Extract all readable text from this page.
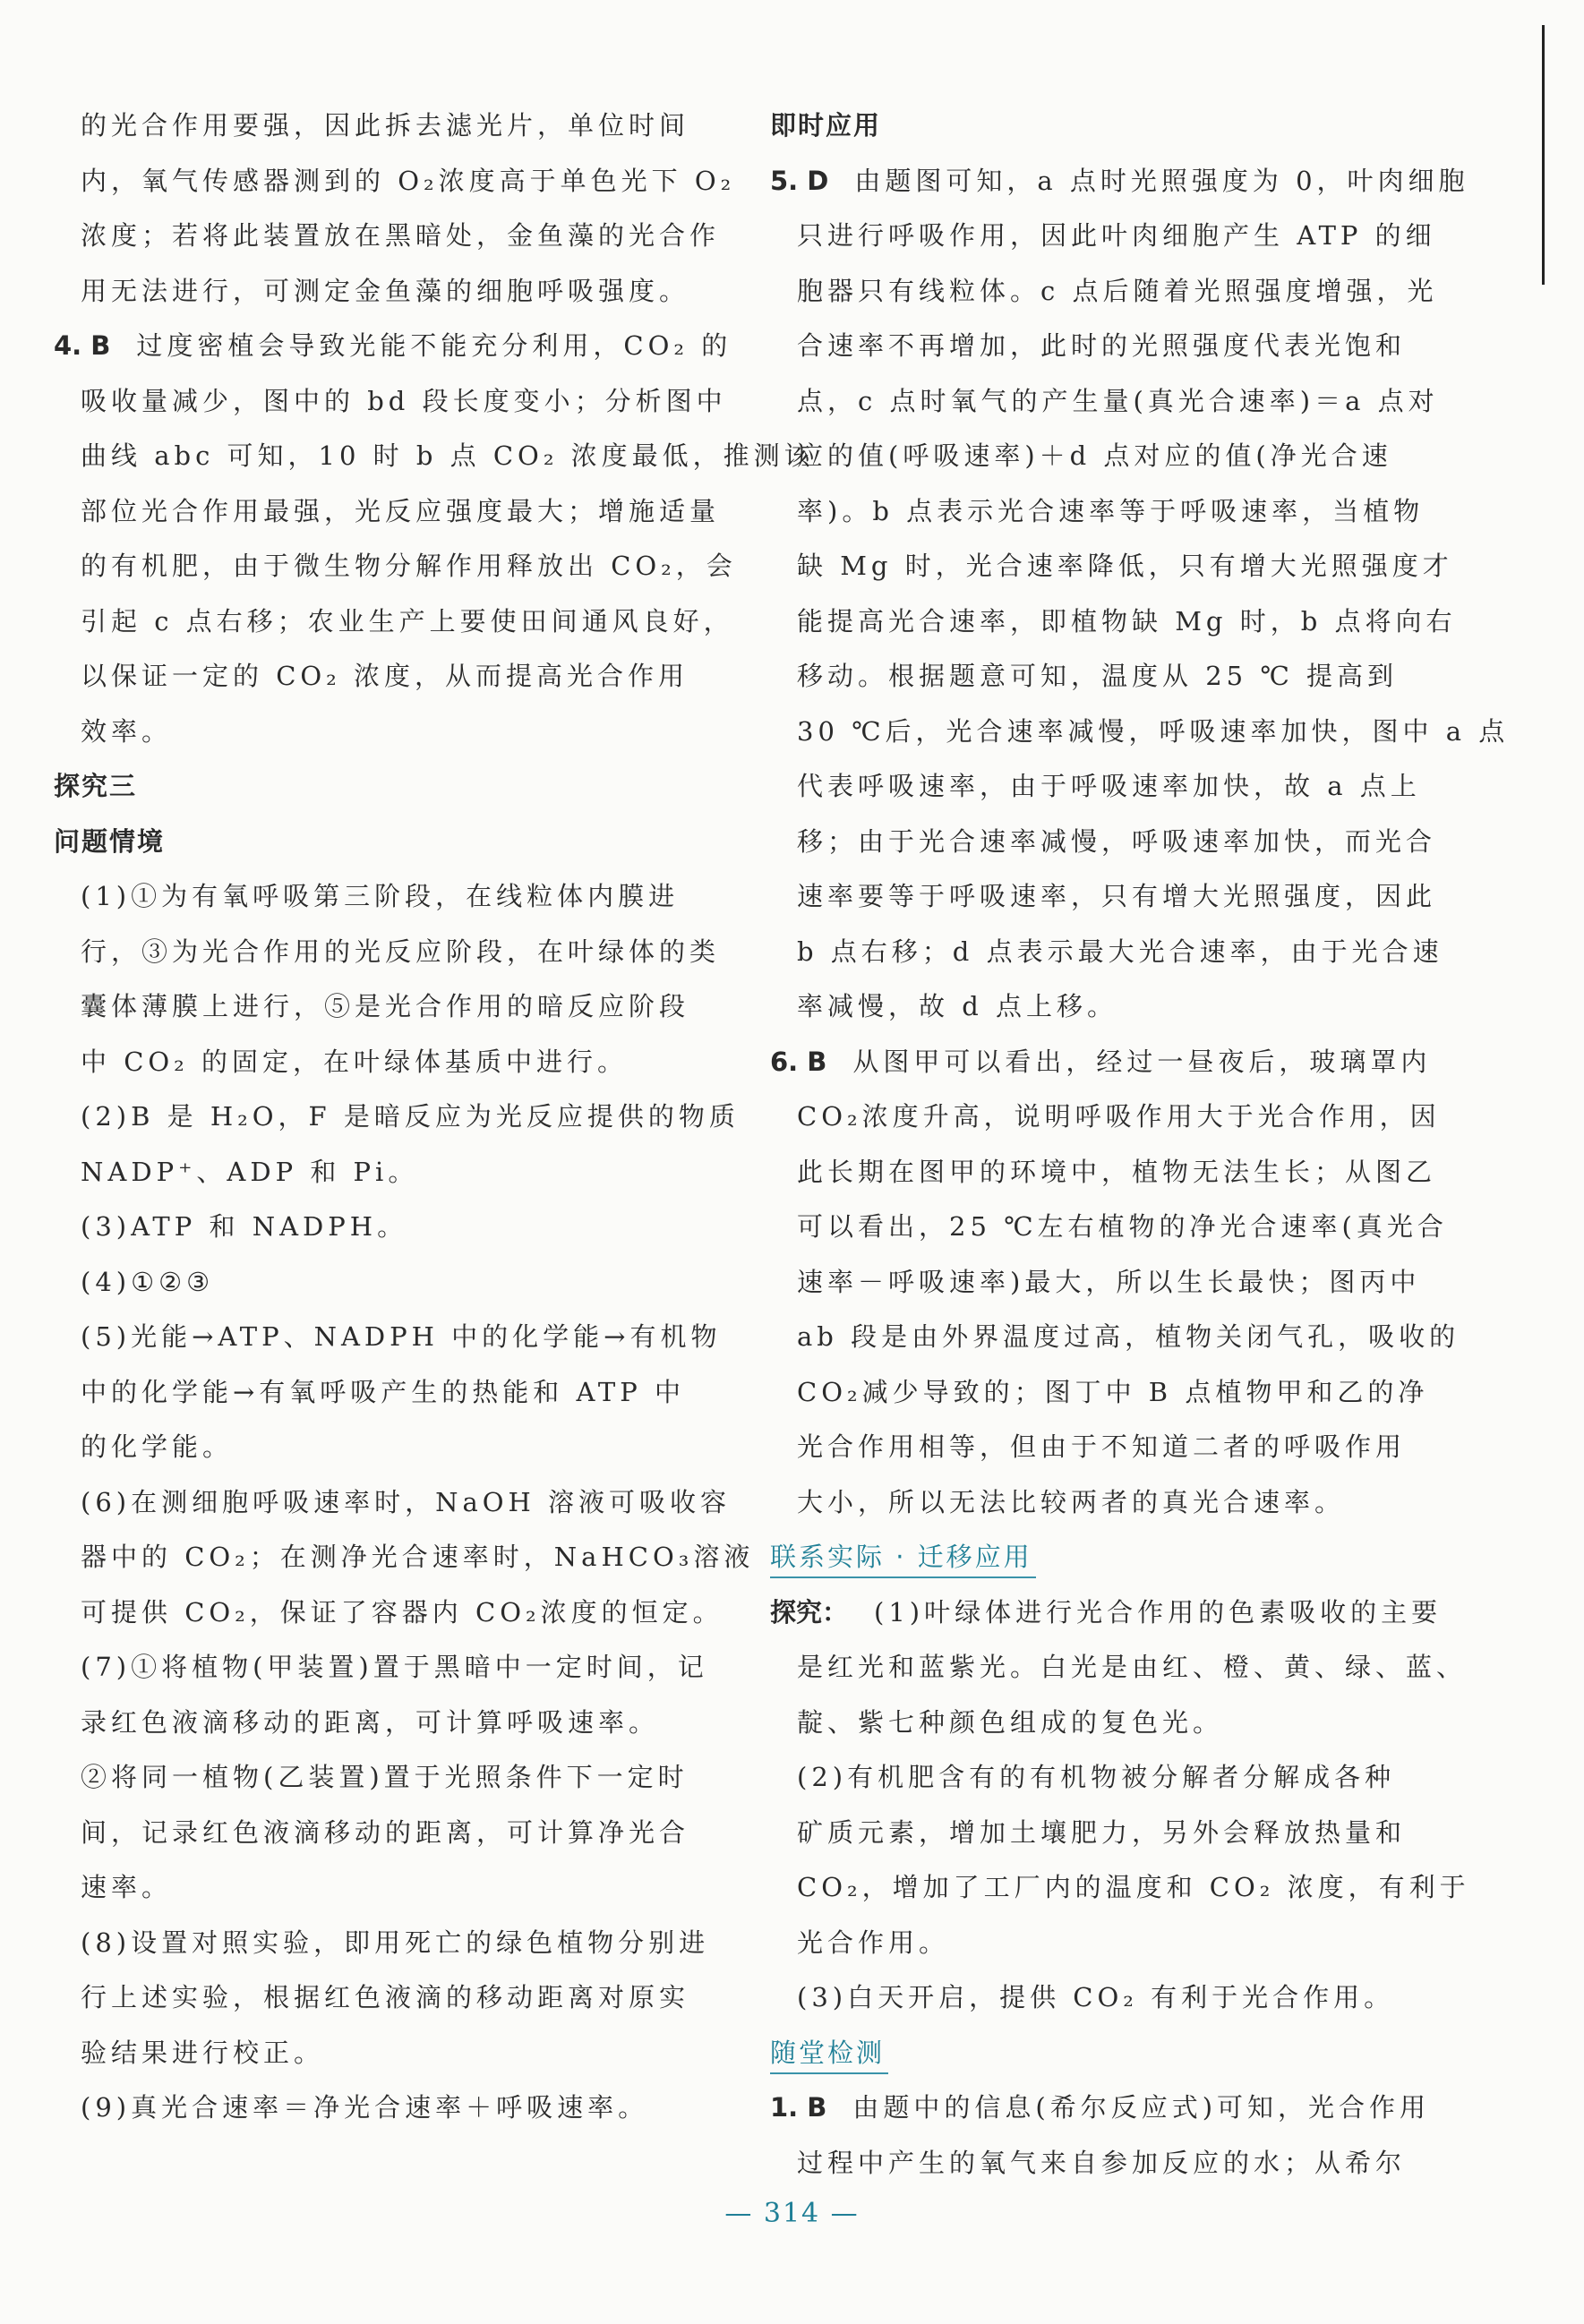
的光合作用要强，因此拆去滤光片，单位时间
内，氧气传感器测到的 O₂浓度高于单色光下 O₂
浓度；若将此装置放在黑暗处，金鱼藻的光合作
用无法进行，可测定金鱼藻的细胞呼吸强度。
4. B 过度密植会导致光能不能充分利用，CO₂ 的
吸收量减少，图中的 bd 段长度变小；分析图中
曲线 abc 可知，10 时 b 点 CO₂ 浓度最低，推测该
部位光合作用最强，光反应强度最大；增施适量
的有机肥，由于微生物分解作用释放出 CO₂，会
引起 c 点右移；农业生产上要使田间通风良好，
以保证一定的 CO₂ 浓度，从而提高光合作用
效率。
探究三
问题情境
(1)①为有氧呼吸第三阶段，在线粒体内膜进
行，③为光合作用的光反应阶段，在叶绿体的类
囊体薄膜上进行，⑤是光合作用的暗反应阶段
中 CO₂ 的固定，在叶绿体基质中进行。
(2)B 是 H₂O，F 是暗反应为光反应提供的物质
NADP⁺、ADP 和 Pi。
(3)ATP 和 NADPH。
(4)①②③
(5)光能→ATP、NADPH 中的化学能→有机物
中的化学能→有氧呼吸产生的热能和 ATP 中
的化学能。
(6)在测细胞呼吸速率时，NaOH 溶液可吸收容
器中的 CO₂；在测净光合速率时，NaHCO₃溶液
可提供 CO₂，保证了容器内 CO₂浓度的恒定。
(7)①将植物(甲装置)置于黑暗中一定时间，记
录红色液滴移动的距离，可计算呼吸速率。
②将同一植物(乙装置)置于光照条件下一定时
间，记录红色液滴移动的距离，可计算净光合
速率。
(8)设置对照实验，即用死亡的绿色植物分别进
行上述实验，根据红色液滴的移动距离对原实
验结果进行校正。
(9)真光合速率＝净光合速率＋呼吸速率。
即时应用
5. D 由题图可知，a 点时光照强度为 0，叶肉细胞
只进行呼吸作用，因此叶肉细胞产生 ATP 的细
胞器只有线粒体。c 点后随着光照强度增强，光
合速率不再增加，此时的光照强度代表光饱和
点，c 点时氧气的产生量(真光合速率)＝a 点对
应的值(呼吸速率)＋d 点对应的值(净光合速
率)。b 点表示光合速率等于呼吸速率，当植物
缺 Mg 时，光合速率降低，只有增大光照强度才
能提高光合速率，即植物缺 Mg 时，b 点将向右
移动。根据题意可知，温度从 25 ℃ 提高到
30 ℃后，光合速率减慢，呼吸速率加快，图中 a 点
代表呼吸速率，由于呼吸速率加快，故 a 点上
移；由于光合速率减慢，呼吸速率加快，而光合
速率要等于呼吸速率，只有增大光照强度，因此
b 点右移；d 点表示最大光合速率，由于光合速
率减慢，故 d 点上移。
6. B 从图甲可以看出，经过一昼夜后，玻璃罩内
CO₂浓度升高，说明呼吸作用大于光合作用，因
此长期在图甲的环境中，植物无法生长；从图乙
可以看出，25 ℃左右植物的净光合速率(真光合
速率－呼吸速率)最大，所以生长最快；图丙中
ab 段是由外界温度过高，植物关闭气孔，吸收的
CO₂减少导致的；图丁中 B 点植物甲和乙的净
光合作用相等，但由于不知道二者的呼吸作用
大小，所以无法比较两者的真光合速率。
联系实际 · 迁移应用
探究： (1)叶绿体进行光合作用的色素吸收的主要
是红光和蓝紫光。白光是由红、橙、黄、绿、蓝、
靛、紫七种颜色组成的复色光。
(2)有机肥含有的有机物被分解者分解成各种
矿质元素，增加土壤肥力，另外会释放热量和
CO₂，增加了工厂内的温度和 CO₂ 浓度，有利于
光合作用。
(3)白天开启，提供 CO₂ 有利于光合作用。
随堂检测
1. B 由题中的信息(希尔反应式)可知，光合作用
过程中产生的氧气来自参加反应的水；从希尔
— 314 —
